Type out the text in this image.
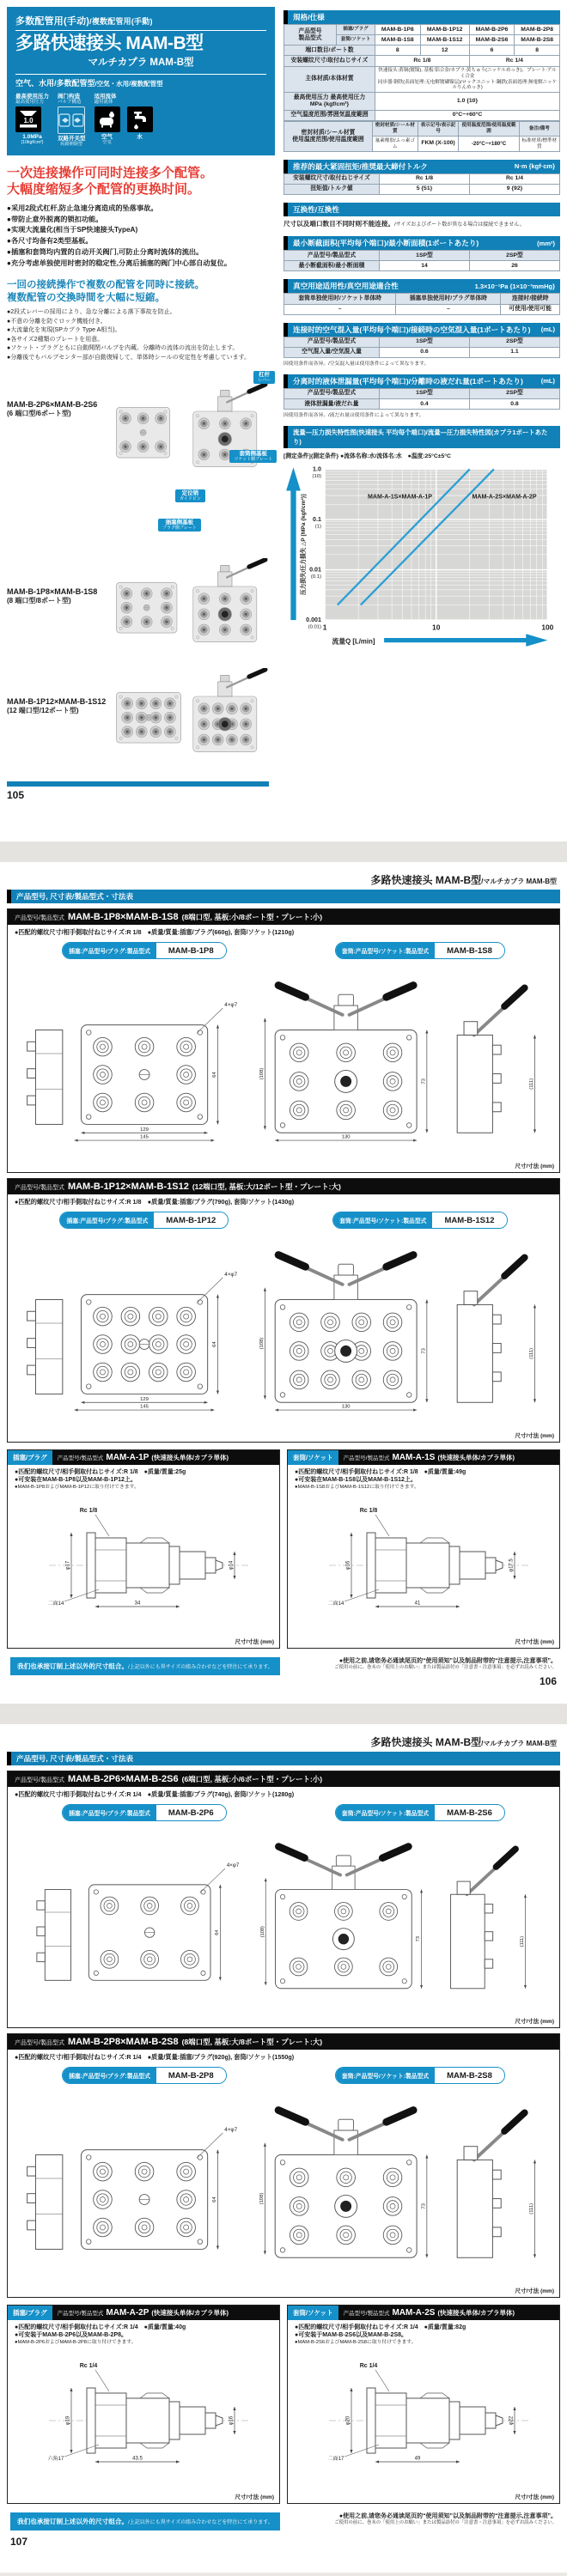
多数配管用(手动)/複数配管用(手動)
多路快速接头 MAM-B型
マルチカプラ MAM-B型
空气、水用/多数配管型/空気・水用/複数配管型
最高使用压力
最高使用圧力
1.0
1.0MPa
{10kgf/cm²}
阀门构造
バルブ構造
双路开关型
両路開閉型
适用流体
適用流体
空气
空気
水

一次连接操作可同时连接多个配管。
大幅度缩短多个配管的更换时间。

●采用2段式杠杆,防止急速分离造成的坠落事故。

●带防止意外脱离的锁扣功能。

●实现大流量化(相当于SP快速接头TypeA)

●各尺寸均备有2类型基板。

●插塞和套筒均内置的自动开关阀门,可防止分离时流体的流出。

●充分考虑单独使用时密封的稳定性,分离后插塞的阀门中心部自动复位。

一回の接続操作で複数の配管を同時に接続。
複数配管の交換時間を大幅に短縮。

●2段式レバーの採用により、急な分離による落下事故を防止。

●不意の分離を防ぐロック機能付き。

●大流量化を実現(SPカプラ Type A相当)。

●各サイズ2種類のプレートを用意。

●ソケット・プラグともに自動開閉バルブを内蔵。分離時の流体の流出を防止します。

●分離後でもバルブセンター部が自動復帰して、単体時シールの安定性を考慮しています。

MAM-B-2P6×MAM-B-2S6
(6 端口型/6ポート型)
杠杆
レバー
套筒侧基板
ソケット側プレート
定位销
ガイドピン
插塞侧基板
プラグ側プレート
MAM-B-1P8×MAM-B-1S8
(8 端口型/8ポート型)
MAM-B-1P12×MAM-B-1S12
(12 端口型/12ポート型)
105
規格/仕様
产品型号
製品型式	插塞/プラグ	MAM-B-1P8	MAM-B-1P12	MAM-B-2P6	MAM-B-2P8
	套筒/ソケット	MAM-B-1S8	MAM-B-1S12	MAM-B-2S6	MAM-B-2S8
端口数目/ポート数		8	12	6	8
安装螺纹尺寸/取付ねじサイズ		Rc 1/8		Rc 1/4	
主体材质/本体材質		快速接头:黄铜(镀镍), 基板:铝合金/カプラ:黄ちゅう(ニッケルめっき)、プレート:アルミ合金
同步器:钢铁(表面处理:无电解镀磷镍层)/ロックユニット:鋼鉄(表面処理:無電解ニッケルりんめっき)			
最高使用压力 最高使用圧力
MPa {kgf/cm²}		1.0 {10}			
空气温度范围/雰囲気温度範囲		0°C~+60°C			
密封材质/シール材質
使用温度范围/使用温度範囲	密封材质/シール材質	表示记号/表示記号	使用温度范围/使用温度範囲	备注/備考
	氟素橡胶/ふっ素ゴム	FKM (X-100)	-20°C~+180°C	标准材质/標準材質
推荐的最大紧固扭矩/推奨最大締付トルク	N·m {kgf·cm}
安装螺纹尺寸/取付ねじサイズ	Rc 1/8	Rc 1/4
扭矩值/トルク値	5 {51}	9 {92}
互换性/互換性
尺寸以及端口数目不同时则不能连接。/サイズおよびポート数が異なる場合は接続できません。
最小断截面积(平均每个端口)/最小断面積(1ポートあたり)	(mm²)
产品型号/製品型式	1SP型	2SP型
最小断截面积/最小断面積	14	26
真空用途适用性/真空用途適合性	1.3×10⁻¹Pa {1×10⁻³mmHg}
套筒单独使用时/ソケット単体時	插塞单独使用时/プラグ単体時	连接时/接続時
–	–	可使用/使用可能
连接时的空气混入量(平均每个端口)/接続時の空気混入量(1ポートあたり) (mL)
产品型号/製品型式	1SP型	2SP型
空气混入量/空気混入量	0.6	1.1
因使用条件而各异。/空気混入量は使用条件によって異なります。
分离时的液体泄漏量(平均每个端口)/分離時の液だれ量(1ポートあたり)	(mL)
产品型号/製品型式	1SP型	2SP型
液体泄漏量/液だれ量	0.4	0.8
因使用条件而各异。/液だれ量は使用条件によって異なります。
流量—压力损失特性图(快速接头 平均每个端口)/流量—圧力損失特性図(カプラ1ポートあたり)
[测定条件]{測定条件} ●流体名称:水/流体名:水　●温度:25°C±5°C
MAM-A-1S×MAM-A-1P	MAM-A-2S×MAM-A-2P
1.0
(10)
0.1
(1)
0.01
(0.1)
0.001
(0.01) 1	10	100
压力损失/圧力損失 △P [MPa {kgf/cm²}]
流量Q [L/min]
多路快速接头 MAM-B型/マルチカプラ MAM-B型
产品型号, 尺寸表/製品型式・寸法表
产品型号/製品型式 MAM-B-1P8×MAM-B-1S8 (8端口型, 基板:小/8ポート型・プレート:小)
●匹配的螺纹尺寸/相手側取付ねじサイズ:R 1/8　●质量/質量:插塞/プラグ(660g), 套筒/ソケット(1210g)
插塞:产品型号/プラグ:製品型式	MAM-B-1P8	套筒:产品型号/ソケット:製品型式	MAM-B-1S8
4×φ7
129
145
64	(108)
130
73	(111)
尺寸/寸法 (mm)
产品型号/製品型式 MAM-B-1P12×MAM-B-1S12 (12端口型, 基板:大/12ポート型・プレート:大)
●匹配的螺纹尺寸/相手側取付ねじサイズ:R 1/8　●质量/質量:插塞/プラグ(790g), 套筒/ソケット(1430g)
插塞:产品型号/プラグ:製品型式	MAM-B-1P12	套筒:产品型号/ソケット:製品型式	MAM-B-1S12
4×φ7
129
145
64	(108)
130
73	(111)
尺寸/寸法 (mm)
插塞/プラグ	产品型号/製品型式 MAM-A-1P (快速接头单体/カプラ単体)
●匹配的螺纹尺寸/相手側取付ねじサイズ:R 1/8　●质量/質量:25g
●可安装在MAM-B-1P8以及MAM-B-1P12上。
●MAM-B-1P8およびMAM-B-1P12に取り付けできます。
Rc 1/8
φ17	φ14
34
二面14
尺寸/寸法 (mm)
套筒/ソケット	产品型号/製品型式 MAM-A-1S (快速接头单体/カプラ単体)
●匹配的螺纹尺寸/相手側取付ねじサイズ:R 1/8　●质量/質量:49g
●可安装在MAM-B-1S8以及MAM-B-1S12上。
●MAM-B-1S8およびMAM-B-1S12に取り付けできます。
Rc 1/8
φ16	φ17.5
41
二面14
尺寸/寸法 (mm)
我们也承接订制上述以外的尺寸组合。/上記以外にも異サイズの組み合わせなどを特注にて承ります。
●使用之前,请您务必通读尾页的“使用须知”以及制品附带的“注意提示,注意事项”。
ご使用の前に、巻末の「使用上のお願い」または製品添付の「注意書・注意事項」を必ずお読みください。
106
多路快速接头 MAM-B型/マルチカプラ MAM-B型
产品型号, 尺寸表/製品型式・寸法表
产品型号/製品型式 MAM-B-2P6×MAM-B-2S6 (6端口型, 基板:小/6ポート型・プレート:小)
●匹配的螺纹尺寸/相手側取付ねじサイズ:R 1/4　●质量/質量:插塞/プラグ(740g), 套筒/ソケット(1280g)
插塞:产品型号/プラグ:製品型式	MAM-B-2P6	套筒:产品型号/ソケット:製品型式	MAM-B-2S6
4×φ7
64	(108)
73	(111)
尺寸/寸法 (mm)
产品型号/製品型式 MAM-B-2P8×MAM-B-2S8 (8端口型, 基板:大/8ポート型・プレート:大)
●匹配的螺纹尺寸/相手側取付ねじサイズ:R 1/4　●质量/質量:插塞/プラグ(920g), 套筒/ソケット(1550g)
插塞:产品型号/プラグ:製品型式	MAM-B-2P8	套筒:产品型号/ソケット:製品型式	MAM-B-2S8
4×φ7
64	(108)
73	(111)
尺寸/寸法 (mm)
插塞/プラグ	产品型号/製品型式 MAM-A-2P (快速接头单体/カプラ単体)
●匹配的螺纹尺寸/相手側取付ねじサイズ:R 1/4　●质量/質量:40g
●可安装于MAM-B-2P6以及MAM-B-2P8。
●MAM-B-2P6およびMAM-B-2P8に取り付けできます。
Rc 1/4
φ19	φ16
43.5
六角17
尺寸/寸法 (mm)
套筒/ソケット	产品型号/製品型式 MAM-A-2S (快速接头单体/カプラ単体)
●匹配的螺纹尺寸/相手側取付ねじサイズ:R 1/4　●质量/質量:82g
●可安装于MAM-B-2S6以及MAM-B-2S8。
●MAM-B-2S6およびMAM-B-2S8に取り付けできます。
Rc 1/4
φ20	φ22
49
二面17
尺寸/寸法 (mm)
我们也承接订制上述以外的尺寸组合。/上記以外にも異サイズの組み合わせなどを特注にて承ります。
107
●使用之前,请您务必通读尾页的“使用须知”以及制品附带的“注意提示,注意事项”。
ご使用の前に、巻末の「使用上のお願い」または製品添付の「注意書・注意事項」を必ずお読みください。
